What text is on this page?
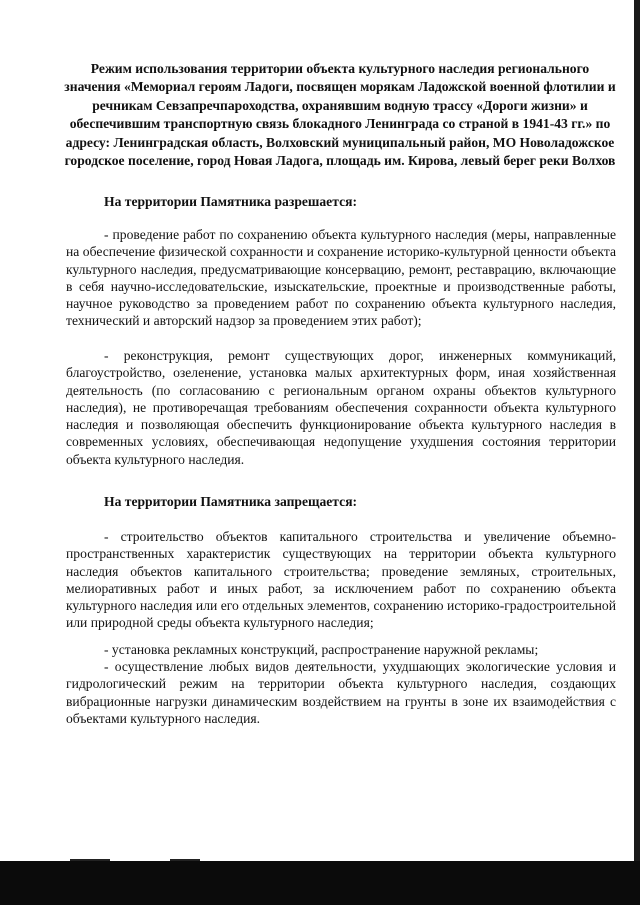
Режим использования территории объекта культурного наследия регионального значения «Мемориал героям Ладоги, посвящен морякам Ладожской военной флотилии и речникам Севзапречпароходства, охранявшим водную трассу «Дороги жизни» и обеспечившим транспортную связь блокадного Ленинграда со страной в 1941-43 гг.» по адресу: Ленинградская область, Волховский муниципальный район, МО Новоладожское городское поселение, город Новая Ладога, площадь им. Кирова, левый берег реки Волхов

На территории Памятника разрешается:

- проведение работ по сохранению объекта культурного наследия (меры, направленные на обеспечение физической сохранности и сохранение историко-культурной ценности объекта культурного наследия, предусматривающие консервацию, ремонт, реставрацию, включающие в себя научно-исследовательские, изыскательские, проектные и производственные работы, научное руководство за проведением работ по сохранению объекта культурного наследия, технический и авторский надзор за проведением этих работ);

- реконструкция, ремонт существующих дорог, инженерных коммуникаций, благоустройство, озеленение, установка малых архитектурных форм, иная хозяйственная деятельность (по согласованию с региональным органом охраны объектов культурного наследия), не противоречащая требованиям обеспечения сохранности объекта культурного наследия и позволяющая обеспечить функционирование объекта культурного наследия в современных условиях, обеспечивающая недопущение ухудшения состояния территории объекта культурного наследия.

На территории Памятника запрещается:

- строительство объектов капитального строительства и увеличение объемно-пространственных характеристик существующих на территории объекта культурного наследия объектов капитального строительства; проведение земляных, строительных, мелиоративных работ и иных работ, за исключением работ по сохранению объекта культурного наследия или его отдельных элементов, сохранению историко-градостроительной или природной среды объекта культурного наследия;

- установка рекламных конструкций, распространение наружной рекламы;

- осуществление любых видов деятельности, ухудшающих экологические условия и гидрологический режим на территории объекта культурного наследия, создающих вибрационные нагрузки динамическим воздействием на грунты в зоне их взаимодействия с объектами культурного наследия.
